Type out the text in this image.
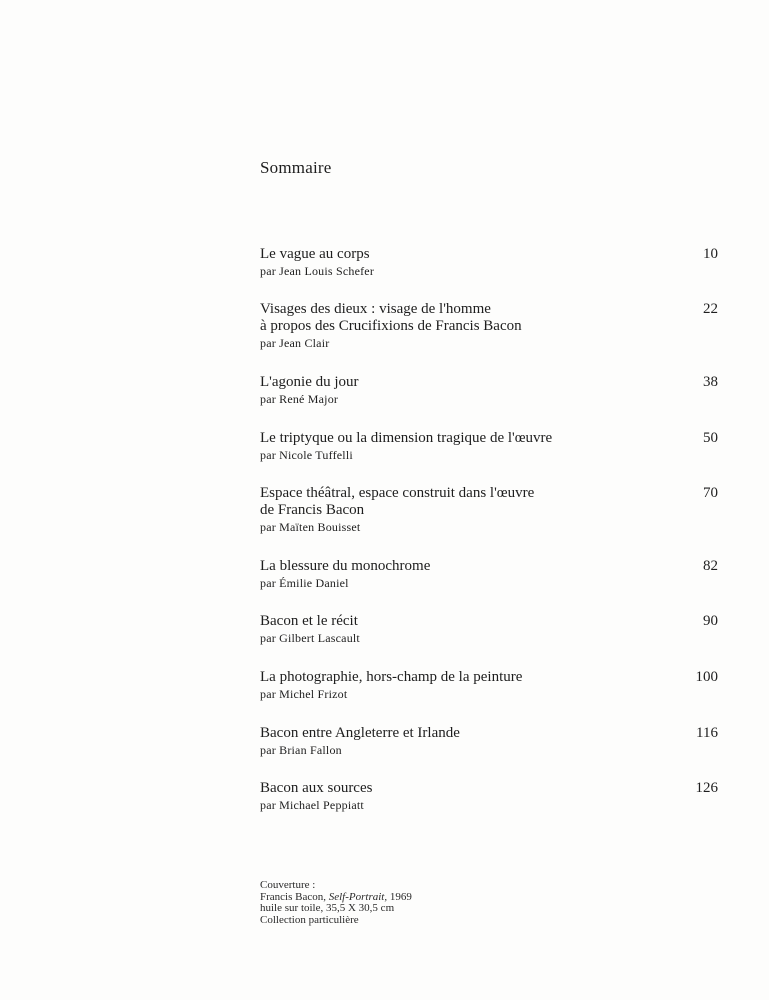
Sommaire
Le vague au corps
par Jean Louis Schefer
10
Visages des dieux : visage de l'homme
à propos des Crucifixions de Francis Bacon
par Jean Clair
22
L'agonie du jour
par René Major
38
Le triptyque ou la dimension tragique de l'œuvre
par Nicole Tuffelli
50
Espace théâtral, espace construit dans l'œuvre
de Francis Bacon
par Maïten Bouisset
70
La blessure du monochrome
par Émilie Daniel
82
Bacon et le récit
par Gilbert Lascault
90
La photographie, hors-champ de la peinture
par Michel Frizot
100
Bacon entre Angleterre et Irlande
par Brian Fallon
116
Bacon aux sources
par Michael Peppiatt
126
Couverture :
Francis Bacon, Self-Portrait, 1969
huile sur toile, 35,5 X 30,5 cm
Collection particulière
